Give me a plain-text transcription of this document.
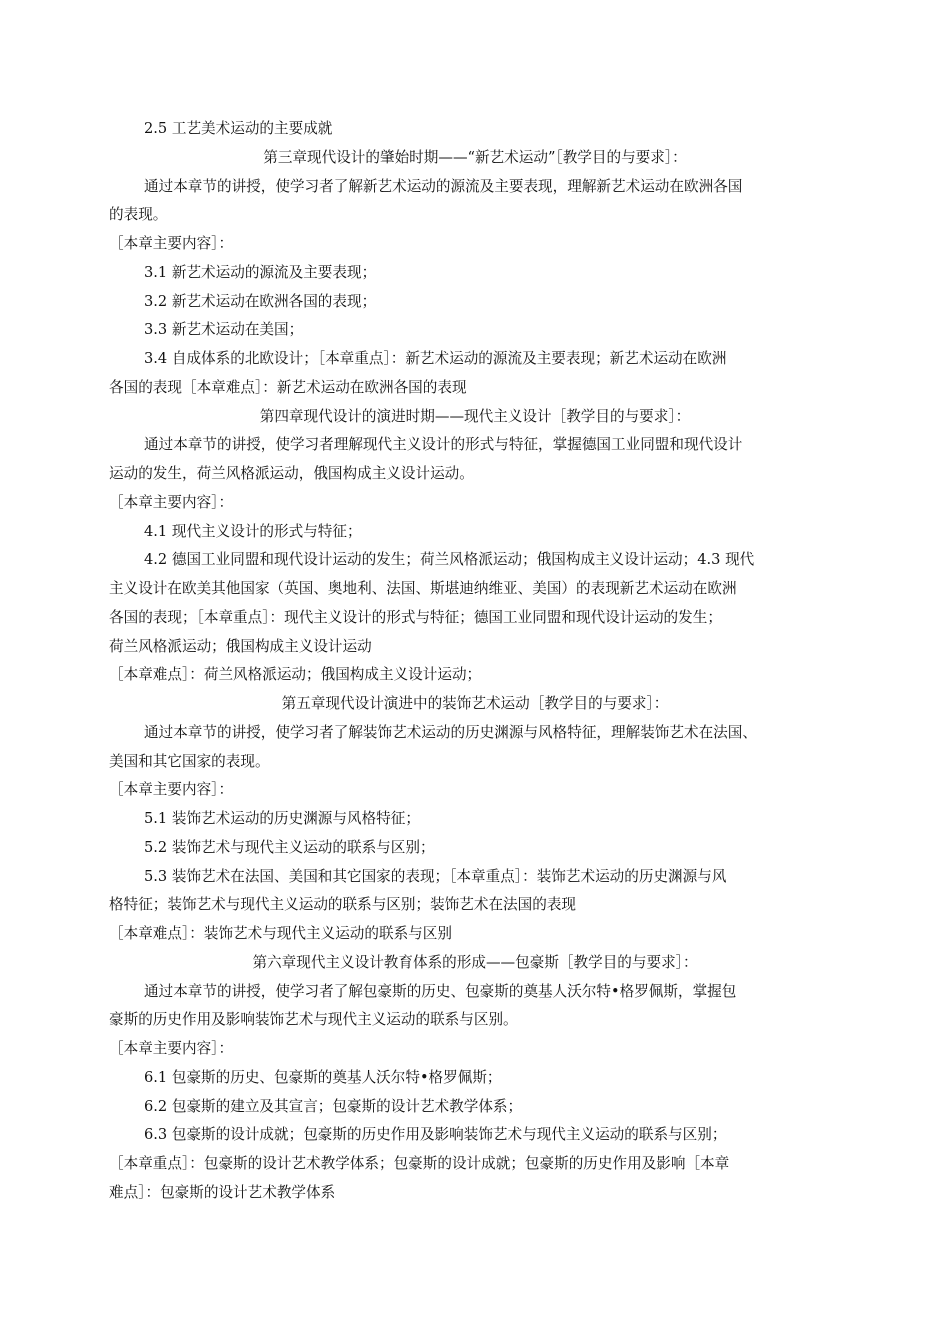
2.5 工艺美术运动的主要成就
第三章现代设计的肇始时期——“新艺术运动”［教学目的与要求］：
通过本章节的讲授，使学习者了解新艺术运动的源流及主要表现，理解新艺术运动在欧洲各国
的表现。
［本章主要内容］：
3.1 新艺术运动的源流及主要表现；
3.2 新艺术运动在欧洲各国的表现；
3.3 新艺术运动在美国；
3.4 自成体系的北欧设计；［本章重点］：新艺术运动的源流及主要表现；新艺术运动在欧洲
各国的表现［本章难点］：新艺术运动在欧洲各国的表现
第四章现代设计的演进时期——现代主义设计［教学目的与要求］：
通过本章节的讲授，使学习者理解现代主义设计的形式与特征，掌握德国工业同盟和现代设计
运动的发生，荷兰风格派运动，俄国构成主义设计运动。
［本章主要内容］：
4.1 现代主义设计的形式与特征；
4.2 德国工业同盟和现代设计运动的发生；荷兰风格派运动；俄国构成主义设计运动；4.3 现代
主义设计在欧美其他国家（英国、奥地利、法国、斯堪迪纳维亚、美国）的表现新艺术运动在欧洲
各国的表现；［本章重点］：现代主义设计的形式与特征；德国工业同盟和现代设计运动的发生；
荷兰风格派运动；俄国构成主义设计运动
［本章难点］：荷兰风格派运动；俄国构成主义设计运动；
第五章现代设计演进中的装饰艺术运动［教学目的与要求］：
通过本章节的讲授，使学习者了解装饰艺术运动的历史渊源与风格特征，理解装饰艺术在法国、
美国和其它国家的表现。
［本章主要内容］：
5.1 装饰艺术运动的历史渊源与风格特征；
5.2 装饰艺术与现代主义运动的联系与区别；
5.3 装饰艺术在法国、美国和其它国家的表现；［本章重点］：装饰艺术运动的历史渊源与风
格特征；装饰艺术与现代主义运动的联系与区别；装饰艺术在法国的表现
［本章难点］：装饰艺术与现代主义运动的联系与区别
第六章现代主义设计教育体系的形成——包豪斯［教学目的与要求］：
通过本章节的讲授，使学习者了解包豪斯的历史、包豪斯的奠基人沃尔特•格罗佩斯，掌握包
豪斯的历史作用及影响装饰艺术与现代主义运动的联系与区别。
［本章主要内容］：
6.1 包豪斯的历史、包豪斯的奠基人沃尔特•格罗佩斯；
6.2 包豪斯的建立及其宣言；包豪斯的设计艺术教学体系；
6.3 包豪斯的设计成就；包豪斯的历史作用及影响装饰艺术与现代主义运动的联系与区别；
［本章重点］：包豪斯的设计艺术教学体系；包豪斯的设计成就；包豪斯的历史作用及影响［本章
难点］：包豪斯的设计艺术教学体系
